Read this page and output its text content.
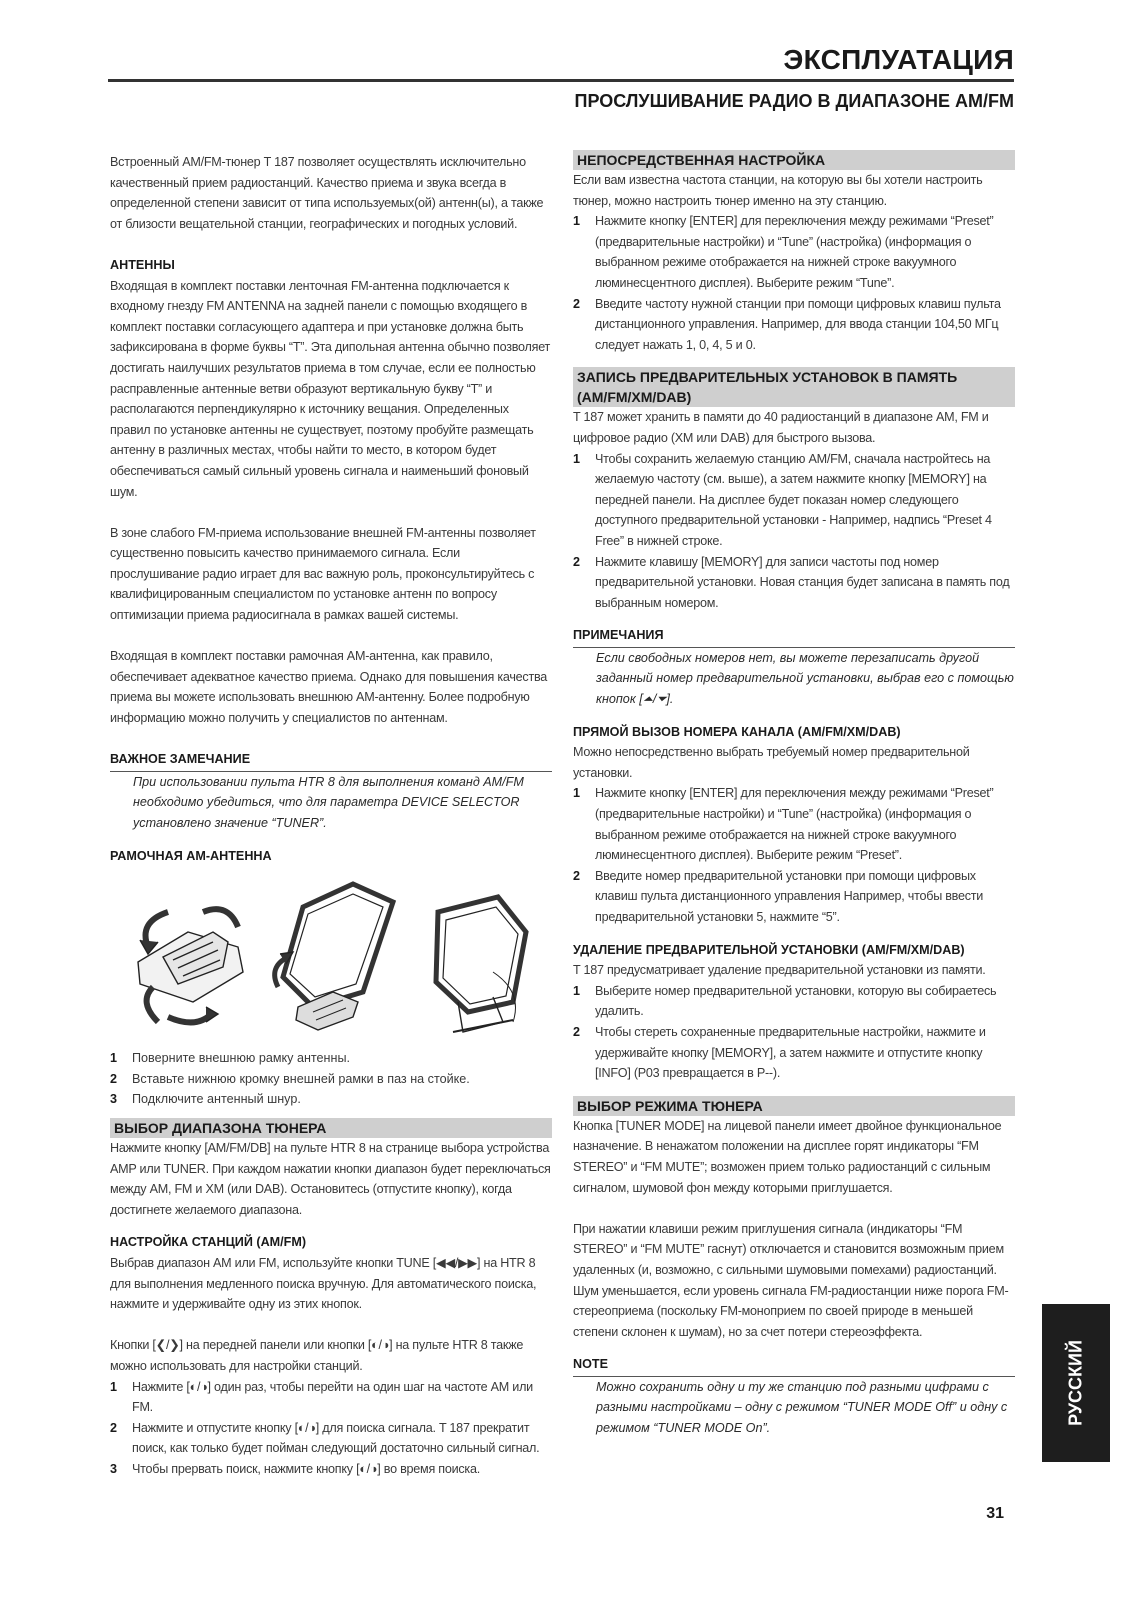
ЭКСПЛУАТАЦИЯ
ПРОСЛУШИВАНИЕ РАДИО В ДИАПАЗОНЕ AM/FM

Встроенный AM/FM-тюнер T 187 позволяет осуществлять исключительно качественный прием радиостанций. Качество приема и звука всегда в определенной степени зависит от типа используемых(ой) антенн(ы), а также от близости вещательной станции, географических и погодных условий.

АНТЕННЫ

Входящая в комплект поставки ленточная FM-антенна подключается к входному гнезду FM ANTENNA на задней панели с помощью входящего в комплект поставки согласующего адаптера и при установке должна быть зафиксирована в форме буквы “T”. Эта дипольная антенна обычно позволяет достигать наилучших результатов приема в том случае, если ее полностью расправленные антенные ветви образуют вертикальную букву “T” и располагаются перпендикулярно к источнику вещания. Определенных правил по установке антенны не существует, поэтому пробуйте размещать антенну в различных местах, чтобы найти то место, в котором будет обеспечиваться самый сильный уровень сигнала и наименьший фоновый шум.

В зоне слабого FM-приема использование внешней FM-антенны позволяет существенно повысить качество принимаемого сигнала. Если прослушивание радио играет для вас важную роль, проконсультируйтесь с квалифицированным специалистом по установке антенн по вопросу оптимизации приема радиосигнала в рамках вашей системы.

Входящая в комплект поставки рамочная AM-антенна, как правило, обеспечивает адекватное качество приема. Однако для повышения качества приема вы можете использовать внешнюю AM-антенну. Более подробную информацию можно получить у специалистов по антеннам.

ВАЖНОЕ ЗАМЕЧАНИЕ

При использовании пульта HTR 8 для выполнения команд AM/FM необходимо убедиться, что для параметра DEVICE SELECTOR установлено значение “TUNER”.

РАМОЧНАЯ AM-АНТЕННА

1 Поверните внешнюю рамку антенны.
2 Вставьте нижнюю кромку внешней рамки в паз на стойке.
3 Подключите антенный шнур.

ВЫБОР ДИАПАЗОНА ТЮНЕРА

Нажмите кнопку [AM/FM/DB] на пульте HTR 8 на странице выбора устройства AMP или TUNER. При каждом нажатии кнопки диапазон будет переключаться между AM, FM и XM (или DAB). Остановитесь (отпустите кнопку), когда достигнете желаемого диапазона.

НАСТРОЙКА СТАНЦИЙ (AM/FM)

Выбрав диапазон AM или FM, используйте кнопки TUNE [◀◀/▶▶] на HTR 8 для выполнения медленного поиска вручную. Для автоматического поиска, нажмите и удерживайте одну из этих кнопок.

Кнопки [❮/❯] на передней панели или кнопки [◐/◑] на пульте HTR 8 также можно использовать для настройки станций.

1 Нажмите [◐/◑] один раз, чтобы перейти на один шаг на частоте AM или FM.
2 Нажмите и отпустите кнопку [◐/◑] для поиска сигнала. T 187 прекратит поиск, как только будет пойман следующий достаточно сильный сигнал.
3 Чтобы прервать поиск, нажмите кнопку [◐/◑] во время поиска.

НЕПОСРЕДСТВЕННАЯ НАСТРОЙКА

Если вам известна частота станции, на которую вы бы хотели настроить тюнер, можно настроить тюнер именно на эту станцию.

1 Нажмите кнопку [ENTER] для переключения между режимами “Preset” (предварительные настройки) и “Tune” (настройка) (информация о выбранном режиме отображается на нижней строке вакуумного люминесцентного дисплея). Выберите режим “Tune”.
2 Введите частоту нужной станции при помощи цифровых клавиш пульта дистанционного управления. Например, для ввода станции 104,50 МГц следует нажать 1, 0, 4, 5 и 0.

ЗАПИСЬ ПРЕДВАРИТЕЛЬНЫХ УСТАНОВОК В ПАМЯТЬ (AM/FM/XM/DAB)

T 187 может хранить в памяти до 40 радиостанций в диапазоне AM, FM и цифровое радио (XM или DAB) для быстрого вызова.

1 Чтобы сохранить желаемую станцию AM/FM, сначала настройтесь на желаемую частоту (см. выше), а затем нажмите кнопку [MEMORY] на передней панели. На дисплее будет показан номер следующего доступного предварительной установки - Например, надпись “Preset 4 Free” в нижней строке.
2 Нажмите клавишу [MEMORY] для записи частоты под номер предварительной установки. Новая станция будет записана в память под выбранным номером.

ПРИМЕЧАНИЯ

Если свободных номеров нет, вы можете перезаписать другой заданный номер предварительной установки, выбрав его с помощью кнопок [⏶/⏷].

ПРЯМОЙ ВЫЗОВ НОМЕРА КАНАЛА (AM/FM/XM/DAB)

Можно непосредственно выбрать требуемый номер предварительной установки.

1 Нажмите кнопку [ENTER] для переключения между режимами “Preset” (предварительные настройки) и “Tune” (настройка) (информация о выбранном режиме отображается на нижней строке вакуумного люминесцентного дисплея). Выберите режим “Preset”.
2 Введите номер предварительной установки при помощи цифровых клавиш пульта дистанционного управления Например, чтобы ввести предварительной установки 5, нажмите “5”.

УДАЛЕНИЕ ПРЕДВАРИТЕЛЬНОЙ УСТАНОВКИ (AM/FM/XM/DAB)

T 187 предусматривает удаление предварительной установки из памяти.

1 Выберите номер предварительной установки, которую вы собираетесь удалить.
2 Чтобы стереть сохраненные предварительные настройки, нажмите и удерживайте кнопку [MEMORY], а затем нажмите и отпустите кнопку [INFO] (P03 превращается в P--).

ВЫБОР РЕЖИМА ТЮНЕРА

Кнопка [TUNER MODE] на лицевой панели имеет двойное функциональное назначение. В ненажатом положении на дисплее горят индикаторы “FM STEREO” и “FM MUTE”; возможен прием только радиостанций с сильным сигналом, шумовой фон между которыми приглушается.

При нажатии клавиши режим приглушения сигнала (индикаторы “FM STEREO” и “FM MUTE” гаснут) отключается и становится возможным прием удаленных (и, возможно, с сильными шумовыми помехами) радиостанций. Шум уменьшается, если уровень сигнала FM-радиостанции ниже порога FM-стереоприема (поскольку FM-монoприем по своей природе в меньшей степени склонен к шумам), но за счет потери стереоэффекта.

NOTE

Можно сохранить одну и ту же станцию под разными цифрами с разными настройками – одну с режимом “TUNER MODE Off” и одну с режимом “TUNER MODE On”.

РУССКИЙ
31
